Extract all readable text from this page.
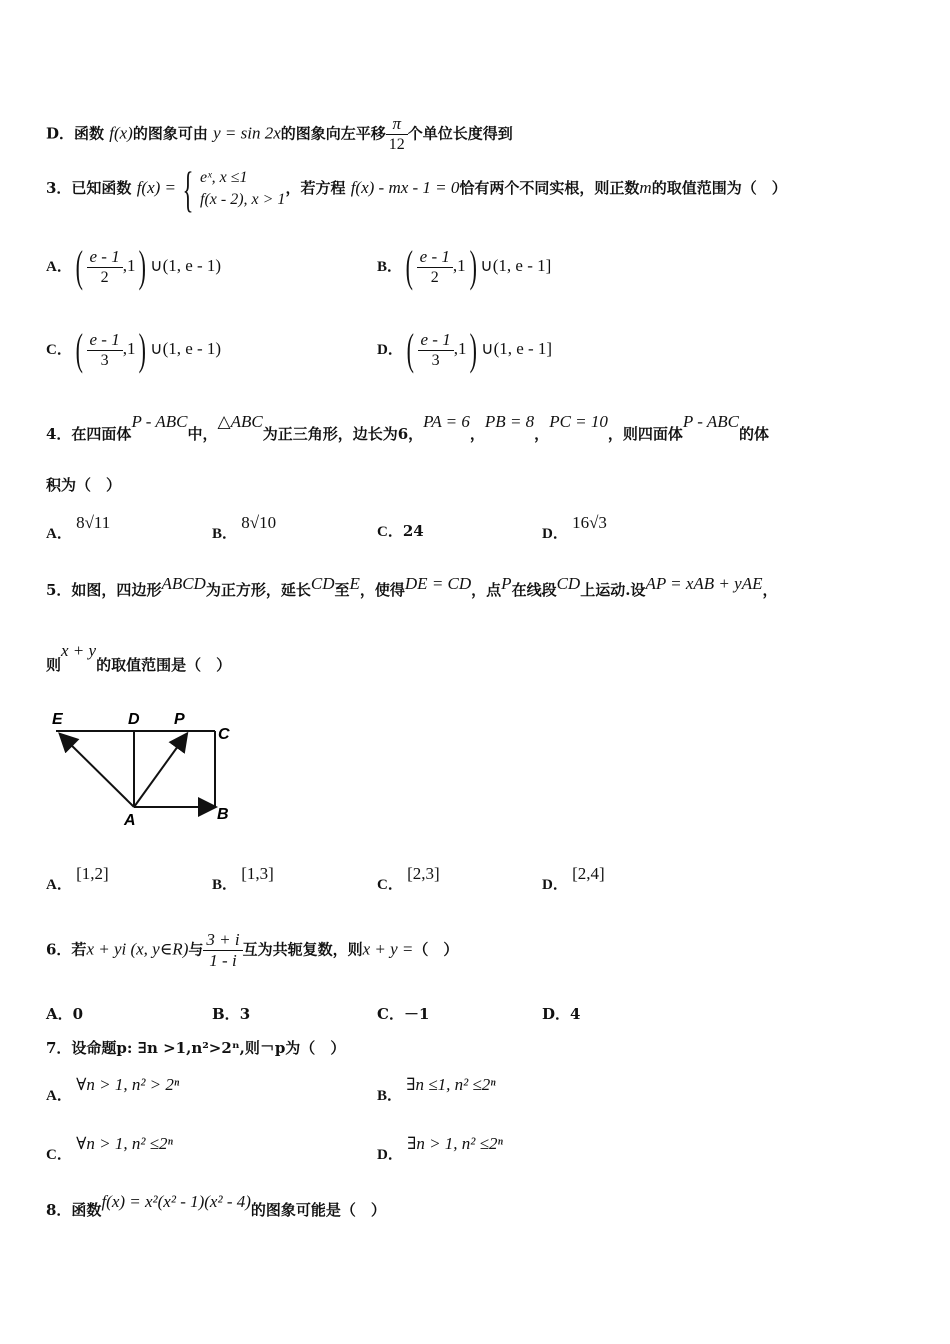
D．函数 f(x)的图象可由 y = sin 2x的图象向左平移 $\frac{\pi}{12}$ 个单位长度得到
3．已知函数 f(x) = { eˣ, x ≤1
f(x - 2), x > 1
，若方程 f(x) - mx - 1 = 0恰有两个不同实根，则正数m的取值范围为（　）
A．( $\frac{e - 1}{2} ,1$) ∪(1, e - 1)	B．( $\frac{e - 1}{2} ,1$) ∪(1, e - 1]
C．( $\frac{e - 1}{3} ,1$) ∪(1, e - 1)	D．( $\frac{e - 1}{3} ,1$) ∪(1, e - 1]
4．在四面体P - ABC中，△ABC为正三角形，边长为6，PA = 6，PB = 8，PC = 10，则四面体P - ABC的体
积为（　）
A． 8√11
B． 8√10	C．24	D． 16√3
5．如图，四边形ABCD为正方形，延长CD至E，使得DE = CD，点P在线段CD上运动.设AP = xAB + yAE，
则x + y的取值范围是（　）
E	D P
C
A	B
A． [1,2]
B． [1,3]
C． [2,3]
D． [2,4]
6．若x + yi (x, y∈R)与 $\frac{3 + i}{1 - i}$ 互为共轭复数，则x + y =（　）
A．0	B．3	C．－1	D．4
7．设命题p: ∃n >1,n²>2ⁿ,则￢p为（　）
A． ∀n > 1, n² > 2ⁿ
B． ∃n ≤1, n² ≤2ⁿ
C． ∀n > 1, n² ≤2ⁿ
D． ∃n > 1, n² ≤2ⁿ
8．函数f(x) = x²(x² - 1)(x² - 4)的图象可能是（　）
